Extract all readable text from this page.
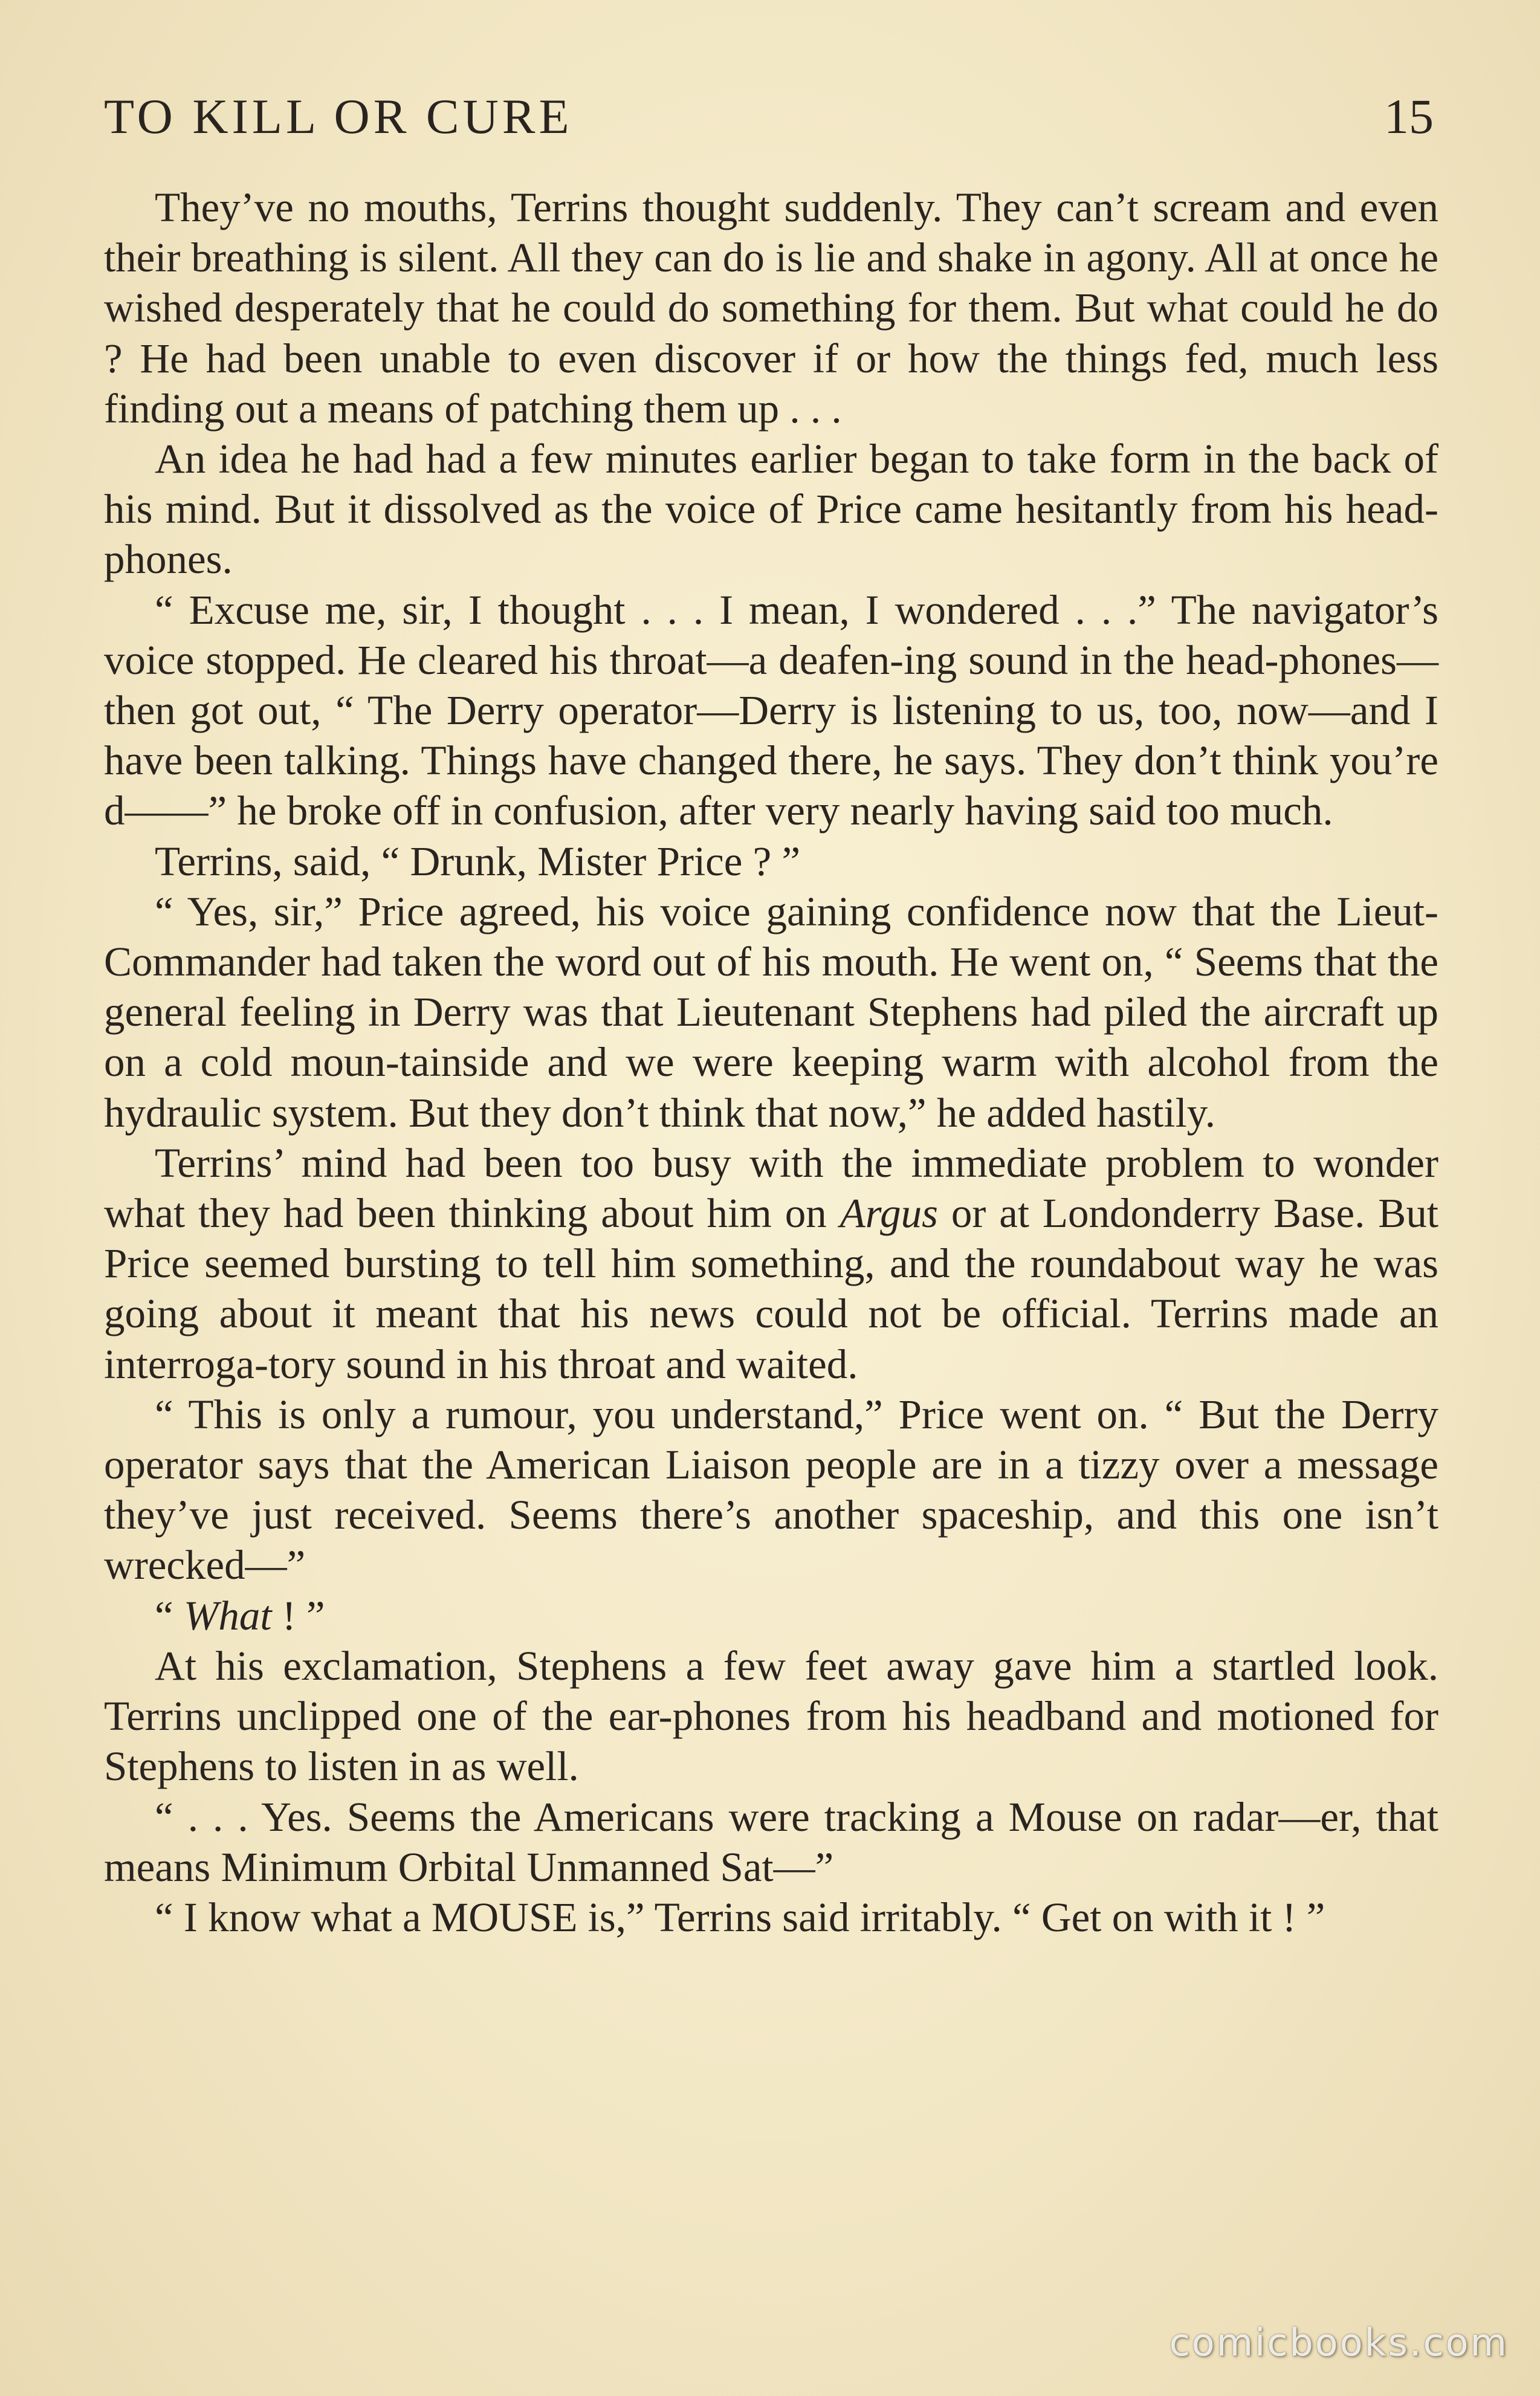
TO KILL OR CURE	15

They’ve no mouths, Terrins thought suddenly. They can’t scream and even their breathing is silent. All they can do is lie and shake in agony. All at once he wished desperately that he could do something for them. But what could he do ? He had been unable to even discover if or how the things fed, much less finding out a means of patching them up . . .

An idea he had had a few minutes earlier began to take form in the back of his mind. But it dissolved as the voice of Price came hesitantly from his head-phones.

“ Excuse me, sir, I thought . . . I mean, I wondered . . .” The navigator’s voice stopped. He cleared his throat—a deafen-ing sound in the head-phones—then got out, “ The Derry operator—Derry is listening to us, too, now—and I have been talking. Things have changed there, he says. They don’t think you’re d——” he broke off in confusion, after very nearly having said too much.

Terrins, said, “ Drunk, Mister Price ? ”

“ Yes, sir,” Price agreed, his voice gaining confidence now that the Lieut-Commander had taken the word out of his mouth. He went on, “ Seems that the general feeling in Derry was that Lieutenant Stephens had piled the aircraft up on a cold moun-tainside and we were keeping warm with alcohol from the hydraulic system. But they don’t think that now,” he added hastily.

Terrins’ mind had been too busy with the immediate problem to wonder what they had been thinking about him on Argus or at Londonderry Base. But Price seemed bursting to tell him something, and the roundabout way he was going about it meant that his news could not be official. Terrins made an interroga-tory sound in his throat and waited.

“ This is only a rumour, you understand,” Price went on. “ But the Derry operator says that the American Liaison people are in a tizzy over a message they’ve just received. Seems there’s another spaceship, and this one isn’t wrecked—”

“ What ! ”

At his exclamation, Stephens a few feet away gave him a startled look. Terrins unclipped one of the ear-phones from his headband and motioned for Stephens to listen in as well.

“ . . . Yes. Seems the Americans were tracking a Mouse on radar—er, that means Minimum Orbital Unmanned Sat—”

“ I know what a MOUSE is,” Terrins said irritably. “ Get on with it ! ”

comicbooks.com
